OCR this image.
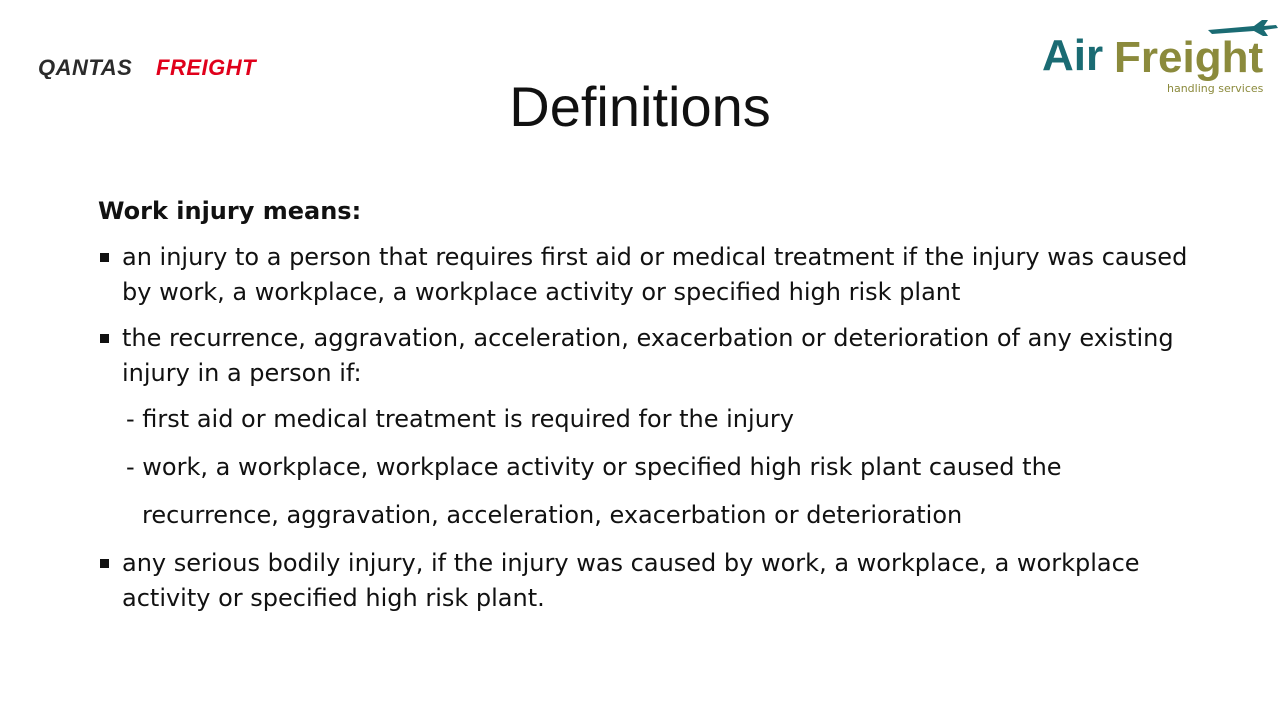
QANTAS FREIGHT	Air Freight
handling services
Definitions
Work injury means:
an injury to a person that requires first aid or medical treatment if the injury was caused by work, a workplace, a workplace activity or specified high risk plant
the recurrence, aggravation, acceleration, exacerbation or deterioration of any existing injury in a person if:
- first aid or medical treatment is required for the injury
- work, a workplace, workplace activity or specified high risk plant caused the
recurrence, aggravation, acceleration, exacerbation or deterioration
any serious bodily injury, if the injury was caused by work, a workplace, a workplace activity or specified high risk plant.
